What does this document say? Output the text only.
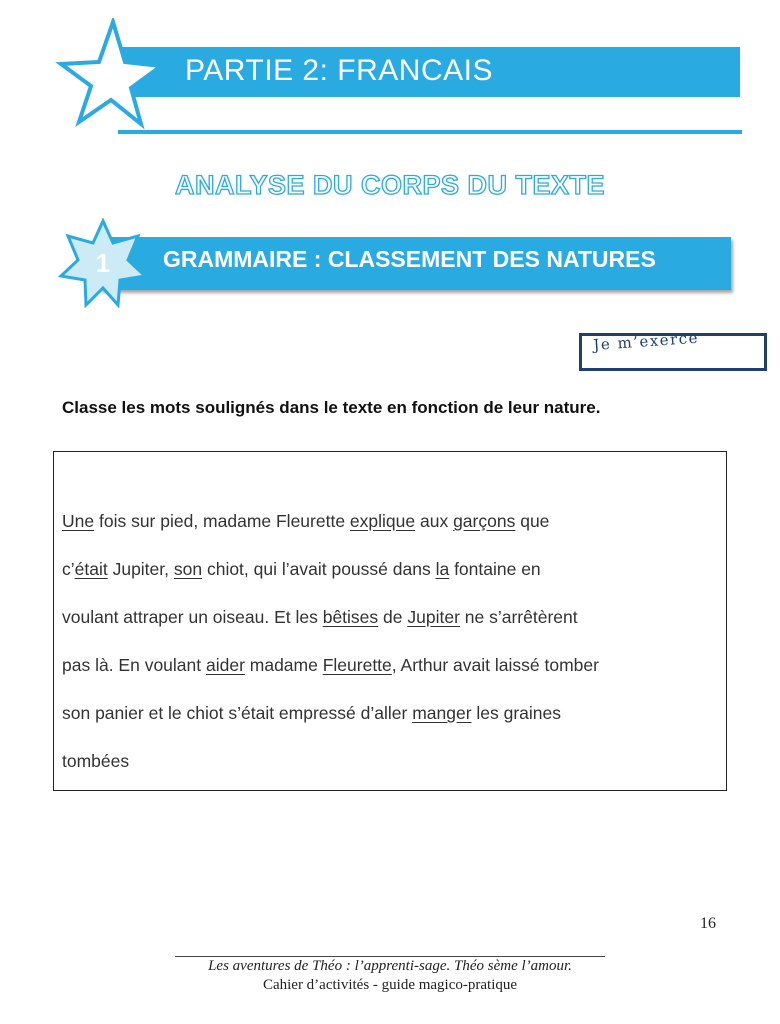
PARTIE 2: FRANCAIS
ANALYSE DU CORPS DU TEXTE
1 GRAMMAIRE : CLASSEMENT DES NATURES
Je m’exerce
Classe les mots soulignés dans le texte en fonction de leur nature.
Une fois sur pied, madame Fleurette explique aux garçons que
c’était Jupiter, son chiot, qui l’avait poussé dans la fontaine en
voulant attraper un oiseau. Et les bêtises de Jupiter ne s’arrêtèrent
pas là. En voulant aider madame Fleurette, Arthur avait laissé tomber
son panier et le chiot s’était empressé d’aller manger les graines
tombées
16
Les aventures de Théo : l’apprenti-sage. Théo sème l’amour.
Cahier d’activités - guide magico-pratique
